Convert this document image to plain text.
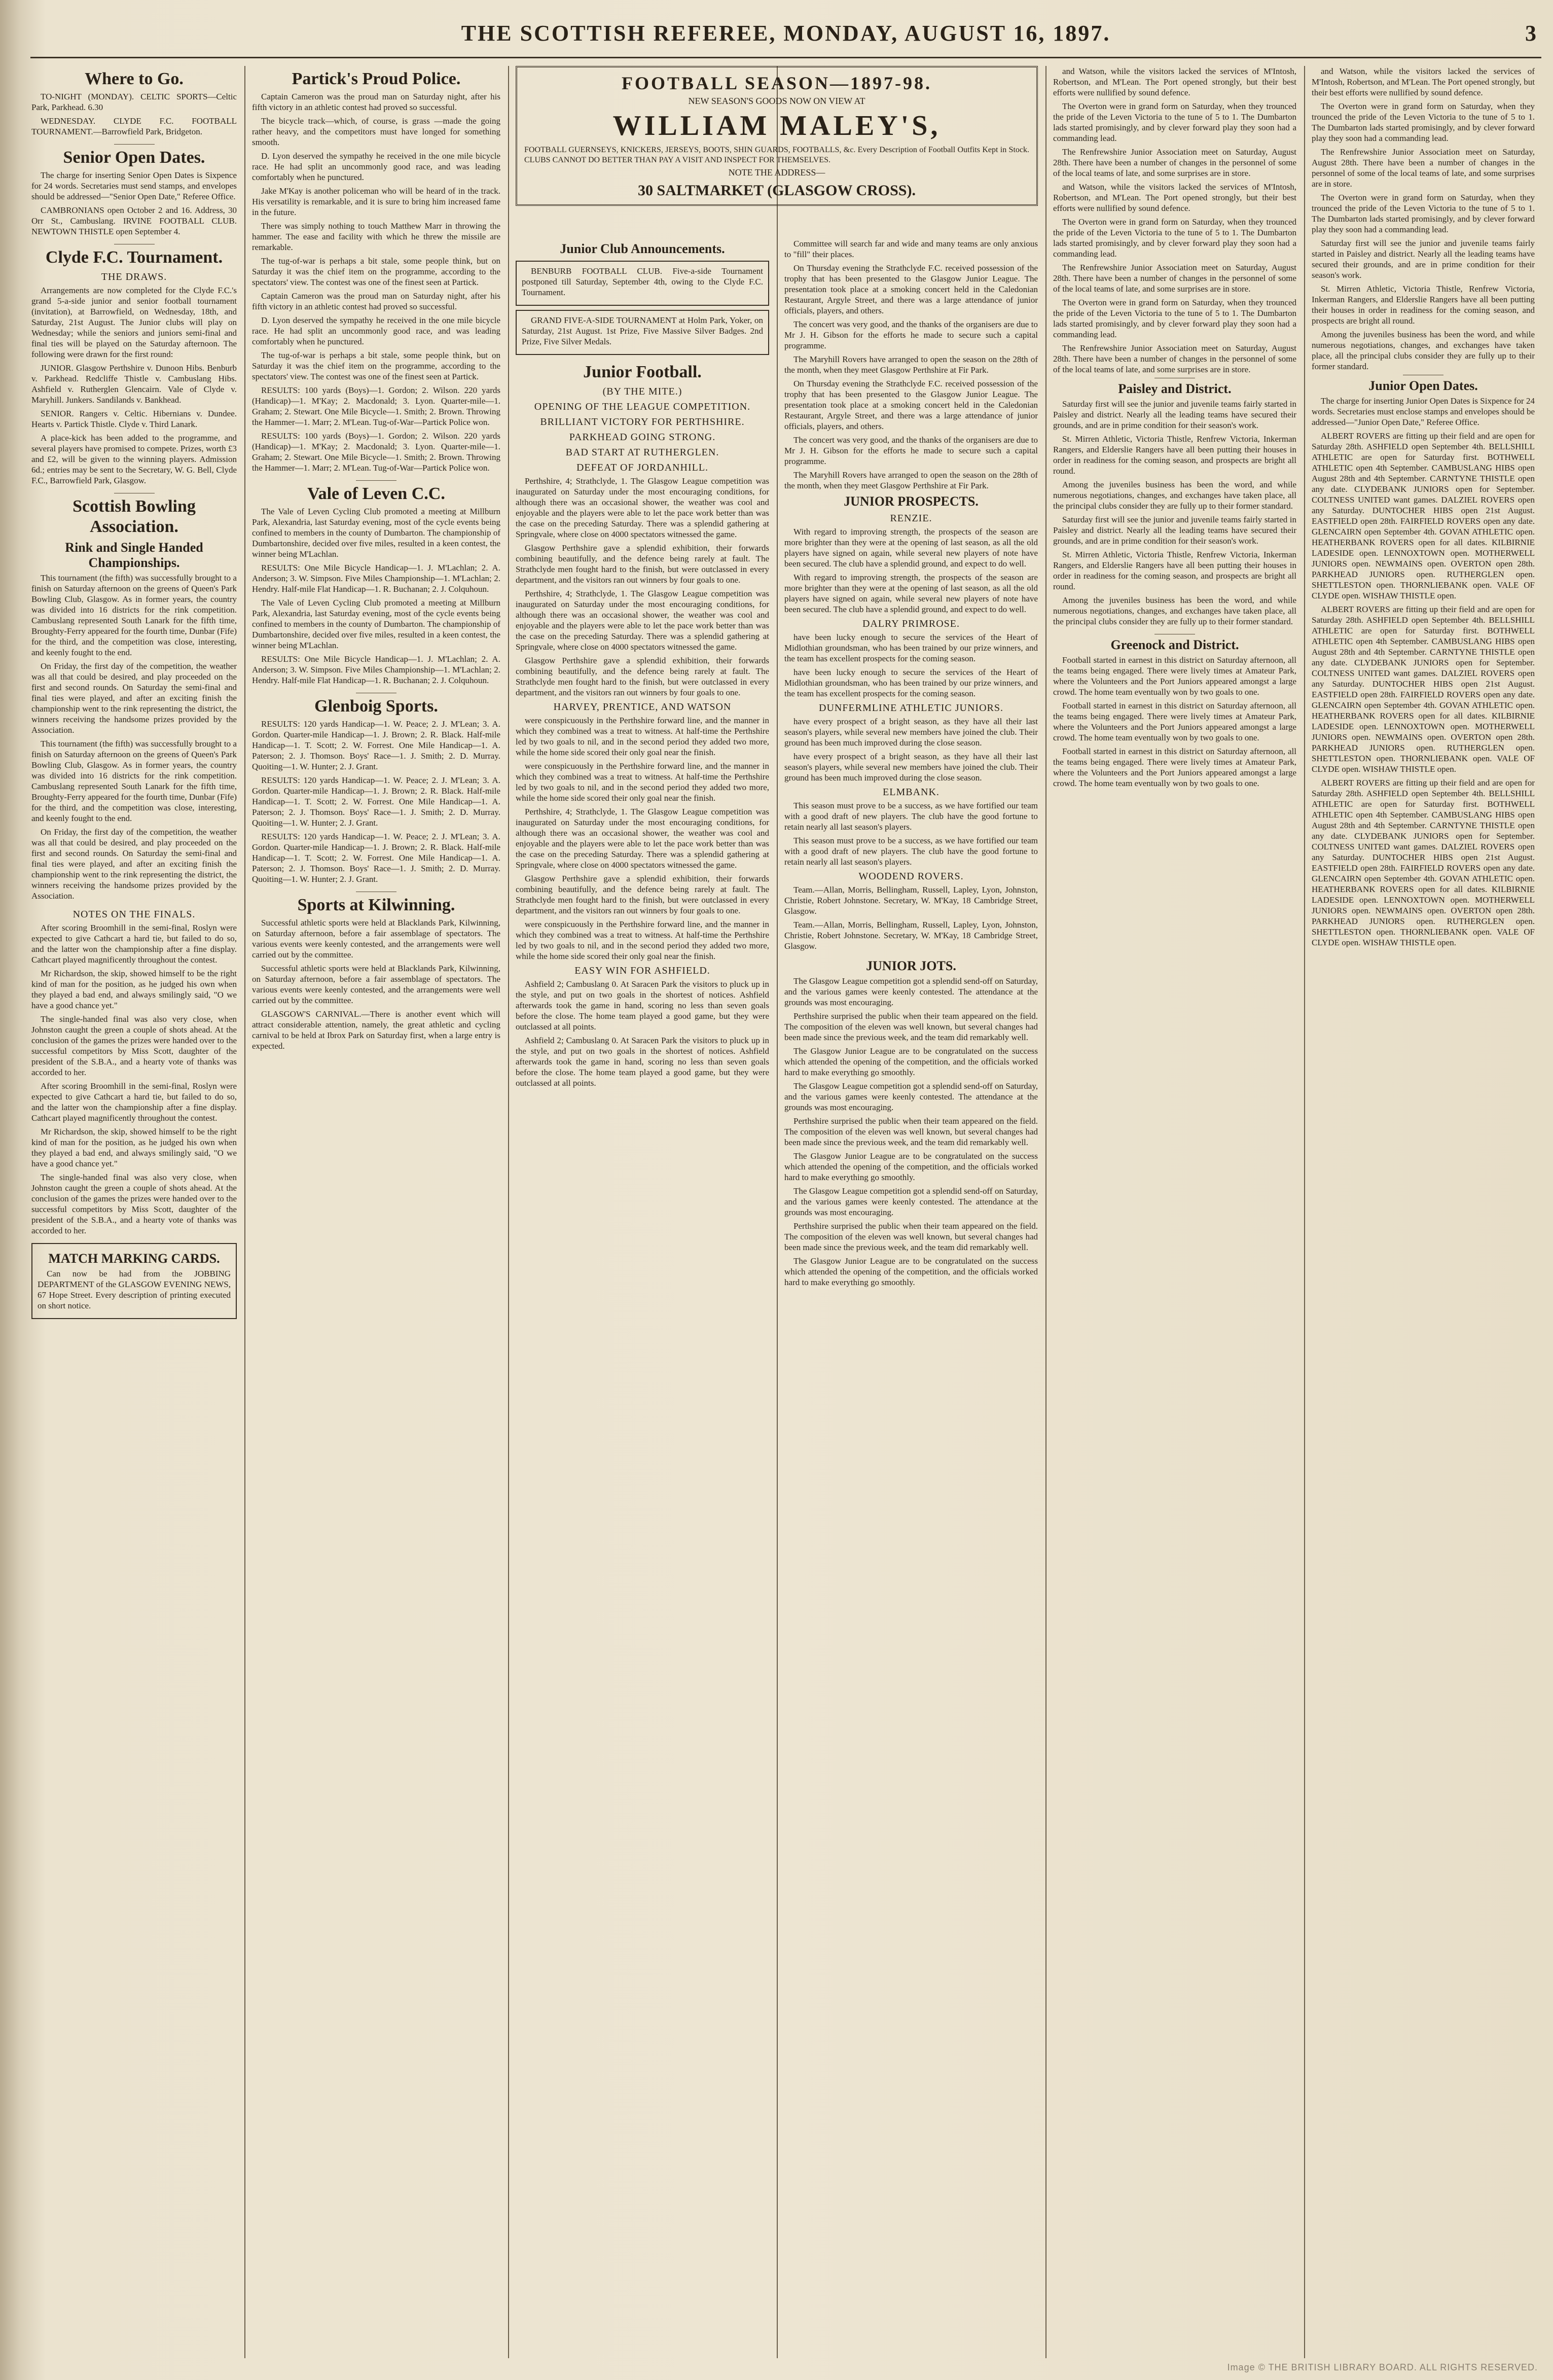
THE SCOTTISH REFEREE, MONDAY, AUGUST 16, 1897.	3
Where to Go.

TO-NIGHT (MONDAY). CELTIC SPORTS—Celtic Park, Parkhead. 6.30

WEDNESDAY. CLYDE F.C. FOOTBALL TOURNAMENT.—Barrowfield Park, Bridgeton.

Senior Open Dates.

The charge for inserting Senior Open Dates is Sixpence for 24 words. Secretaries must send stamps, and envelopes should be addressed—"Senior Open Date," Referee Office.

CAMBRONIANS open October 2 and 16. Address, 30 Orr St., Cambuslang. IRVINE FOOTBALL CLUB. NEWTOWN THISTLE open September 4.

Clyde F.C. Tournament.
THE DRAWS.

Arrangements are now completed for the Clyde F.C.'s grand 5-a-side junior and senior football tournament (invitation), at Barrowfield, on Wednesday, 18th, and Saturday, 21st August. The Junior clubs will play on Wednesday; while the seniors and juniors semi-final and final ties will be played on the Saturday afternoon. The following were drawn for the first round:

JUNIOR. Glasgow Perthshire v. Dunoon Hibs. Benburb v. Parkhead. Redcliffe Thistle v. Cambuslang Hibs. Ashfield v. Rutherglen Glencairn. Vale of Clyde v. Maryhill. Junkers. Sandilands v. Bankhead.

SENIOR. Rangers v. Celtic. Hibernians v. Dundee. Hearts v. Partick Thistle. Clyde v. Third Lanark.

A place-kick has been added to the programme, and several players have promised to compete. Prizes, worth £3 and £2, will be given to the winning players. Admission 6d.; entries may be sent to the Secretary, W. G. Bell, Clyde F.C., Barrowfield Park, Glasgow.

Scottish Bowling Association.
Rink and Single Handed Championships.

This tournament (the fifth) was successfully brought to a finish on Saturday afternoon on the greens of Queen's Park Bowling Club, Glasgow. As in former years, the country was divided into 16 districts for the rink competition. Cambuslang represented South Lanark for the fifth time, Broughty-Ferry appeared for the fourth time, Dunbar (Fife) for the third, and the competition was close, interesting, and keenly fought to the end.

On Friday, the first day of the competition, the weather was all that could be desired, and play proceeded on the first and second rounds. On Saturday the semi-final and final ties were played, and after an exciting finish the championship went to the rink representing the district, the winners receiving the handsome prizes provided by the Association.

This tournament (the fifth) was successfully brought to a finish on Saturday afternoon on the greens of Queen's Park Bowling Club, Glasgow. As in former years, the country was divided into 16 districts for the rink competition. Cambuslang represented South Lanark for the fifth time, Broughty-Ferry appeared for the fourth time, Dunbar (Fife) for the third, and the competition was close, interesting, and keenly fought to the end.

On Friday, the first day of the competition, the weather was all that could be desired, and play proceeded on the first and second rounds. On Saturday the semi-final and final ties were played, and after an exciting finish the championship went to the rink representing the district, the winners receiving the handsome prizes provided by the Association.

NOTES ON THE FINALS.

After scoring Broomhill in the semi-final, Roslyn were expected to give Cathcart a hard tie, but failed to do so, and the latter won the championship after a fine display. Cathcart played magnificently throughout the contest.

Mr Richardson, the skip, showed himself to be the right kind of man for the position, as he judged his own when they played a bad end, and always smilingly said, "O we have a good chance yet."

The single-handed final was also very close, when Johnston caught the green a couple of shots ahead. At the conclusion of the games the prizes were handed over to the successful competitors by Miss Scott, daughter of the president of the S.B.A., and a hearty vote of thanks was accorded to her.

After scoring Broomhill in the semi-final, Roslyn were expected to give Cathcart a hard tie, but failed to do so, and the latter won the championship after a fine display. Cathcart played magnificently throughout the contest.

Mr Richardson, the skip, showed himself to be the right kind of man for the position, as he judged his own when they played a bad end, and always smilingly said, "O we have a good chance yet."

The single-handed final was also very close, when Johnston caught the green a couple of shots ahead. At the conclusion of the games the prizes were handed over to the successful competitors by Miss Scott, daughter of the president of the S.B.A., and a hearty vote of thanks was accorded to her.

MATCH MARKING CARDS.

Can now be had from the JOBBING DEPARTMENT of the GLASGOW EVENING NEWS, 67 Hope Street. Every description of printing executed on short notice.

Partick's Proud Police.

Captain Cameron was the proud man on Saturday night, after his fifth victory in an athletic contest had proved so successful.

The bicycle track—which, of course, is grass —made the going rather heavy, and the competitors must have longed for something smooth.

D. Lyon deserved the sympathy he received in the one mile bicycle race. He had split an uncommonly good race, and was leading comfortably when he punctured.

Jake M'Kay is another policeman who will be heard of in the track. His versatility is remarkable, and it is sure to bring him increased fame in the future.

There was simply nothing to touch Matthew Marr in throwing the hammer. The ease and facility with which he threw the missile are remarkable.

The tug-of-war is perhaps a bit stale, some people think, but on Saturday it was the chief item on the programme, according to the spectators' view. The contest was one of the finest seen at Partick.

Captain Cameron was the proud man on Saturday night, after his fifth victory in an athletic contest had proved so successful.

D. Lyon deserved the sympathy he received in the one mile bicycle race. He had split an uncommonly good race, and was leading comfortably when he punctured.

The tug-of-war is perhaps a bit stale, some people think, but on Saturday it was the chief item on the programme, according to the spectators' view. The contest was one of the finest seen at Partick.

RESULTS: 100 yards (Boys)—1. Gordon; 2. Wilson. 220 yards (Handicap)—1. M'Kay; 2. Macdonald; 3. Lyon. Quarter-mile—1. Graham; 2. Stewart. One Mile Bicycle—1. Smith; 2. Brown. Throwing the Hammer—1. Marr; 2. M'Lean. Tug-of-War—Partick Police won.

RESULTS: 100 yards (Boys)—1. Gordon; 2. Wilson. 220 yards (Handicap)—1. M'Kay; 2. Macdonald; 3. Lyon. Quarter-mile—1. Graham; 2. Stewart. One Mile Bicycle—1. Smith; 2. Brown. Throwing the Hammer—1. Marr; 2. M'Lean. Tug-of-War—Partick Police won.

Vale of Leven C.C.

The Vale of Leven Cycling Club promoted a meeting at Millburn Park, Alexandria, last Saturday evening, most of the cycle events being confined to members in the county of Dumbarton. The championship of Dumbartonshire, decided over five miles, resulted in a keen contest, the winner being M'Lachlan.

RESULTS: One Mile Bicycle Handicap—1. J. M'Lachlan; 2. A. Anderson; 3. W. Simpson. Five Miles Championship—1. M'Lachlan; 2. Hendry. Half-mile Flat Handicap—1. R. Buchanan; 2. J. Colquhoun.

The Vale of Leven Cycling Club promoted a meeting at Millburn Park, Alexandria, last Saturday evening, most of the cycle events being confined to members in the county of Dumbarton. The championship of Dumbartonshire, decided over five miles, resulted in a keen contest, the winner being M'Lachlan.

RESULTS: One Mile Bicycle Handicap—1. J. M'Lachlan; 2. A. Anderson; 3. W. Simpson. Five Miles Championship—1. M'Lachlan; 2. Hendry. Half-mile Flat Handicap—1. R. Buchanan; 2. J. Colquhoun.

Glenboig Sports.

RESULTS: 120 yards Handicap—1. W. Peace; 2. J. M'Lean; 3. A. Gordon. Quarter-mile Handicap—1. J. Brown; 2. R. Black. Half-mile Handicap—1. T. Scott; 2. W. Forrest. One Mile Handicap—1. A. Paterson; 2. J. Thomson. Boys' Race—1. J. Smith; 2. D. Murray. Quoiting—1. W. Hunter; 2. J. Grant.

RESULTS: 120 yards Handicap—1. W. Peace; 2. J. M'Lean; 3. A. Gordon. Quarter-mile Handicap—1. J. Brown; 2. R. Black. Half-mile Handicap—1. T. Scott; 2. W. Forrest. One Mile Handicap—1. A. Paterson; 2. J. Thomson. Boys' Race—1. J. Smith; 2. D. Murray. Quoiting—1. W. Hunter; 2. J. Grant.

RESULTS: 120 yards Handicap—1. W. Peace; 2. J. M'Lean; 3. A. Gordon. Quarter-mile Handicap—1. J. Brown; 2. R. Black. Half-mile Handicap—1. T. Scott; 2. W. Forrest. One Mile Handicap—1. A. Paterson; 2. J. Thomson. Boys' Race—1. J. Smith; 2. D. Murray. Quoiting—1. W. Hunter; 2. J. Grant.

Sports at Kilwinning.

Successful athletic sports were held at Blacklands Park, Kilwinning, on Saturday afternoon, before a fair assemblage of spectators. The various events were keenly contested, and the arrangements were well carried out by the committee.

Successful athletic sports were held at Blacklands Park, Kilwinning, on Saturday afternoon, before a fair assemblage of spectators. The various events were keenly contested, and the arrangements were well carried out by the committee.

GLASGOW'S CARNIVAL.—There is another event which will attract considerable attention, namely, the great athletic and cycling carnival to be held at Ibrox Park on Saturday first, when a large entry is expected.

FOOTBALL SEASON—1897-98.
NEW SEASON'S GOODS NOW ON VIEW AT
WILLIAM MALEY'S,
FOOTBALL GUERNSEYS, KNICKERS, JERSEYS, BOOTS, SHIN GUARDS, FOOTBALLS, &c. Every Description of Football Outfits Kept in Stock. CLUBS CANNOT DO BETTER THAN PAY A VISIT AND INSPECT FOR THEMSELVES.
NOTE THE ADDRESS—
30 SALTMARKET (GLASGOW CROSS).
Junior Club Announcements.

BENBURB FOOTBALL CLUB. Five-a-side Tournament postponed till Saturday, September 4th, owing to the Clyde F.C. Tournament.

GRAND FIVE-A-SIDE TOURNAMENT at Holm Park, Yoker, on Saturday, 21st August. 1st Prize, Five Massive Silver Badges. 2nd Prize, Five Silver Medals.

Junior Football.
(BY THE MITE.)
OPENING OF THE LEAGUE COMPETITION.
BRILLIANT VICTORY FOR PERTHSHIRE.
PARKHEAD GOING STRONG.
BAD START AT RUTHERGLEN.
DEFEAT OF JORDANHILL.

Perthshire, 4; Strathclyde, 1. The Glasgow League competition was inaugurated on Saturday under the most encouraging conditions, for although there was an occasional shower, the weather was cool and enjoyable and the players were able to let the pace work better than was the case on the preceding Saturday. There was a splendid gathering at Springvale, where close on 4000 spectators witnessed the game.

Glasgow Perthshire gave a splendid exhibition, their forwards combining beautifully, and the defence being rarely at fault. The Strathclyde men fought hard to the finish, but were outclassed in every department, and the visitors ran out winners by four goals to one.

Perthshire, 4; Strathclyde, 1. The Glasgow League competition was inaugurated on Saturday under the most encouraging conditions, for although there was an occasional shower, the weather was cool and enjoyable and the players were able to let the pace work better than was the case on the preceding Saturday. There was a splendid gathering at Springvale, where close on 4000 spectators witnessed the game.

Glasgow Perthshire gave a splendid exhibition, their forwards combining beautifully, and the defence being rarely at fault. The Strathclyde men fought hard to the finish, but were outclassed in every department, and the visitors ran out winners by four goals to one.

HARVEY, PRENTICE, AND WATSON

were conspicuously in the Perthshire forward line, and the manner in which they combined was a treat to witness. At half-time the Perthshire led by two goals to nil, and in the second period they added two more, while the home side scored their only goal near the finish.

were conspicuously in the Perthshire forward line, and the manner in which they combined was a treat to witness. At half-time the Perthshire led by two goals to nil, and in the second period they added two more, while the home side scored their only goal near the finish.

Perthshire, 4; Strathclyde, 1. The Glasgow League competition was inaugurated on Saturday under the most encouraging conditions, for although there was an occasional shower, the weather was cool and enjoyable and the players were able to let the pace work better than was the case on the preceding Saturday. There was a splendid gathering at Springvale, where close on 4000 spectators witnessed the game.

Glasgow Perthshire gave a splendid exhibition, their forwards combining beautifully, and the defence being rarely at fault. The Strathclyde men fought hard to the finish, but were outclassed in every department, and the visitors ran out winners by four goals to one.

were conspicuously in the Perthshire forward line, and the manner in which they combined was a treat to witness. At half-time the Perthshire led by two goals to nil, and in the second period they added two more, while the home side scored their only goal near the finish.

EASY WIN FOR ASHFIELD.

Ashfield 2; Cambuslang 0. At Saracen Park the visitors to pluck up in the style, and put on two goals in the shortest of notices. Ashfield afterwards took the game in hand, scoring no less than seven goals before the close. The home team played a good game, but they were outclassed at all points.

Ashfield 2; Cambuslang 0. At Saracen Park the visitors to pluck up in the style, and put on two goals in the shortest of notices. Ashfield afterwards took the game in hand, scoring no less than seven goals before the close. The home team played a good game, but they were outclassed at all points.

Committee will search far and wide and many teams are only anxious to "fill" their places.

On Thursday evening the Strathclyde F.C. received possession of the trophy that has been presented to the Glasgow Junior League. The presentation took place at a smoking concert held in the Caledonian Restaurant, Argyle Street, and there was a large attendance of junior officials, players, and others.

The concert was very good, and the thanks of the organisers are due to Mr J. H. Gibson for the efforts he made to secure such a capital programme.

The Maryhill Rovers have arranged to open the season on the 28th of the month, when they meet Glasgow Perthshire at Fir Park.

On Thursday evening the Strathclyde F.C. received possession of the trophy that has been presented to the Glasgow Junior League. The presentation took place at a smoking concert held in the Caledonian Restaurant, Argyle Street, and there was a large attendance of junior officials, players, and others.

The concert was very good, and the thanks of the organisers are due to Mr J. H. Gibson for the efforts he made to secure such a capital programme.

The Maryhill Rovers have arranged to open the season on the 28th of the month, when they meet Glasgow Perthshire at Fir Park.

JUNIOR PROSPECTS.
RENZIE.

With regard to improving strength, the prospects of the season are more brighter than they were at the opening of last season, as all the old players have signed on again, while several new players of note have been secured. The club have a splendid ground, and expect to do well.

With regard to improving strength, the prospects of the season are more brighter than they were at the opening of last season, as all the old players have signed on again, while several new players of note have been secured. The club have a splendid ground, and expect to do well.

DALRY PRIMROSE.

have been lucky enough to secure the services of the Heart of Midlothian groundsman, who has been trained by our prize winners, and the team has excellent prospects for the coming season.

have been lucky enough to secure the services of the Heart of Midlothian groundsman, who has been trained by our prize winners, and the team has excellent prospects for the coming season.

DUNFERMLINE ATHLETIC JUNIORS.

have every prospect of a bright season, as they have all their last season's players, while several new members have joined the club. Their ground has been much improved during the close season.

have every prospect of a bright season, as they have all their last season's players, while several new members have joined the club. Their ground has been much improved during the close season.

ELMBANK.

This season must prove to be a success, as we have fortified our team with a good draft of new players. The club have the good fortune to retain nearly all last season's players.

This season must prove to be a success, as we have fortified our team with a good draft of new players. The club have the good fortune to retain nearly all last season's players.

WOODEND ROVERS.

Team.—Allan, Morris, Bellingham, Russell, Lapley, Lyon, Johnston, Christie, Robert Johnstone. Secretary, W. M'Kay, 18 Cambridge Street, Glasgow.

Team.—Allan, Morris, Bellingham, Russell, Lapley, Lyon, Johnston, Christie, Robert Johnstone. Secretary, W. M'Kay, 18 Cambridge Street, Glasgow.

JUNIOR JOTS.

The Glasgow League competition got a splendid send-off on Saturday, and the various games were keenly contested. The attendance at the grounds was most encouraging.

Perthshire surprised the public when their team appeared on the field. The composition of the eleven was well known, but several changes had been made since the previous week, and the team did remarkably well.

The Glasgow Junior League are to be congratulated on the success which attended the opening of the competition, and the officials worked hard to make everything go smoothly.

The Glasgow League competition got a splendid send-off on Saturday, and the various games were keenly contested. The attendance at the grounds was most encouraging.

Perthshire surprised the public when their team appeared on the field. The composition of the eleven was well known, but several changes had been made since the previous week, and the team did remarkably well.

The Glasgow Junior League are to be congratulated on the success which attended the opening of the competition, and the officials worked hard to make everything go smoothly.

The Glasgow League competition got a splendid send-off on Saturday, and the various games were keenly contested. The attendance at the grounds was most encouraging.

Perthshire surprised the public when their team appeared on the field. The composition of the eleven was well known, but several changes had been made since the previous week, and the team did remarkably well.

The Glasgow Junior League are to be congratulated on the success which attended the opening of the competition, and the officials worked hard to make everything go smoothly.

and Watson, while the visitors lacked the services of M'Intosh, Robertson, and M'Lean. The Port opened strongly, but their best efforts were nullified by sound defence.

The Overton were in grand form on Saturday, when they trounced the pride of the Leven Victoria to the tune of 5 to 1. The Dumbarton lads started promisingly, and by clever forward play they soon had a commanding lead.

The Renfrewshire Junior Association meet on Saturday, August 28th. There have been a number of changes in the personnel of some of the local teams of late, and some surprises are in store.

and Watson, while the visitors lacked the services of M'Intosh, Robertson, and M'Lean. The Port opened strongly, but their best efforts were nullified by sound defence.

The Overton were in grand form on Saturday, when they trounced the pride of the Leven Victoria to the tune of 5 to 1. The Dumbarton lads started promisingly, and by clever forward play they soon had a commanding lead.

The Renfrewshire Junior Association meet on Saturday, August 28th. There have been a number of changes in the personnel of some of the local teams of late, and some surprises are in store.

The Overton were in grand form on Saturday, when they trounced the pride of the Leven Victoria to the tune of 5 to 1. The Dumbarton lads started promisingly, and by clever forward play they soon had a commanding lead.

The Renfrewshire Junior Association meet on Saturday, August 28th. There have been a number of changes in the personnel of some of the local teams of late, and some surprises are in store.

Paisley and District.

Saturday first will see the junior and juvenile teams fairly started in Paisley and district. Nearly all the leading teams have secured their grounds, and are in prime condition for their season's work.

St. Mirren Athletic, Victoria Thistle, Renfrew Victoria, Inkerman Rangers, and Elderslie Rangers have all been putting their houses in order in readiness for the coming season, and prospects are bright all round.

Among the juveniles business has been the word, and while numerous negotiations, changes, and exchanges have taken place, all the principal clubs consider they are fully up to their former standard.

Saturday first will see the junior and juvenile teams fairly started in Paisley and district. Nearly all the leading teams have secured their grounds, and are in prime condition for their season's work.

St. Mirren Athletic, Victoria Thistle, Renfrew Victoria, Inkerman Rangers, and Elderslie Rangers have all been putting their houses in order in readiness for the coming season, and prospects are bright all round.

Among the juveniles business has been the word, and while numerous negotiations, changes, and exchanges have taken place, all the principal clubs consider they are fully up to their former standard.

Greenock and District.

Football started in earnest in this district on Saturday afternoon, all the teams being engaged. There were lively times at Amateur Park, where the Volunteers and the Port Juniors appeared amongst a large crowd. The home team eventually won by two goals to one.

Football started in earnest in this district on Saturday afternoon, all the teams being engaged. There were lively times at Amateur Park, where the Volunteers and the Port Juniors appeared amongst a large crowd. The home team eventually won by two goals to one.

Football started in earnest in this district on Saturday afternoon, all the teams being engaged. There were lively times at Amateur Park, where the Volunteers and the Port Juniors appeared amongst a large crowd. The home team eventually won by two goals to one.

and Watson, while the visitors lacked the services of M'Intosh, Robertson, and M'Lean. The Port opened strongly, but their best efforts were nullified by sound defence.

The Overton were in grand form on Saturday, when they trounced the pride of the Leven Victoria to the tune of 5 to 1. The Dumbarton lads started promisingly, and by clever forward play they soon had a commanding lead.

The Renfrewshire Junior Association meet on Saturday, August 28th. There have been a number of changes in the personnel of some of the local teams of late, and some surprises are in store.

The Overton were in grand form on Saturday, when they trounced the pride of the Leven Victoria to the tune of 5 to 1. The Dumbarton lads started promisingly, and by clever forward play they soon had a commanding lead.

Saturday first will see the junior and juvenile teams fairly started in Paisley and district. Nearly all the leading teams have secured their grounds, and are in prime condition for their season's work.

St. Mirren Athletic, Victoria Thistle, Renfrew Victoria, Inkerman Rangers, and Elderslie Rangers have all been putting their houses in order in readiness for the coming season, and prospects are bright all round.

Among the juveniles business has been the word, and while numerous negotiations, changes, and exchanges have taken place, all the principal clubs consider they are fully up to their former standard.

Junior Open Dates.

The charge for inserting Junior Open Dates is Sixpence for 24 words. Secretaries must enclose stamps and envelopes should be addressed—"Junior Open Date," Referee Office.

ALBERT ROVERS are fitting up their field and are open for Saturday 28th. ASHFIELD open September 4th. BELLSHILL ATHLETIC are open for Saturday first. BOTHWELL ATHLETIC open 4th September. CAMBUSLANG HIBS open August 28th and 4th September. CARNTYNE THISTLE open any date. CLYDEBANK JUNIORS open for September. COLTNESS UNITED want games. DALZIEL ROVERS open any Saturday. DUNTOCHER HIBS open 21st August. EASTFIELD open 28th. FAIRFIELD ROVERS open any date. GLENCAIRN open September 4th. GOVAN ATHLETIC open. HEATHERBANK ROVERS open for all dates. KILBIRNIE LADESIDE open. LENNOXTOWN open. MOTHERWELL JUNIORS open. NEWMAINS open. OVERTON open 28th. PARKHEAD JUNIORS open. RUTHERGLEN open. SHETTLESTON open. THORNLIEBANK open. VALE OF CLYDE open. WISHAW THISTLE open.

ALBERT ROVERS are fitting up their field and are open for Saturday 28th. ASHFIELD open September 4th. BELLSHILL ATHLETIC are open for Saturday first. BOTHWELL ATHLETIC open 4th September. CAMBUSLANG HIBS open August 28th and 4th September. CARNTYNE THISTLE open any date. CLYDEBANK JUNIORS open for September. COLTNESS UNITED want games. DALZIEL ROVERS open any Saturday. DUNTOCHER HIBS open 21st August. EASTFIELD open 28th. FAIRFIELD ROVERS open any date. GLENCAIRN open September 4th. GOVAN ATHLETIC open. HEATHERBANK ROVERS open for all dates. KILBIRNIE LADESIDE open. LENNOXTOWN open. MOTHERWELL JUNIORS open. NEWMAINS open. OVERTON open 28th. PARKHEAD JUNIORS open. RUTHERGLEN open. SHETTLESTON open. THORNLIEBANK open. VALE OF CLYDE open. WISHAW THISTLE open.

ALBERT ROVERS are fitting up their field and are open for Saturday 28th. ASHFIELD open September 4th. BELLSHILL ATHLETIC are open for Saturday first. BOTHWELL ATHLETIC open 4th September. CAMBUSLANG HIBS open August 28th and 4th September. CARNTYNE THISTLE open any date. CLYDEBANK JUNIORS open for September. COLTNESS UNITED want games. DALZIEL ROVERS open any Saturday. DUNTOCHER HIBS open 21st August. EASTFIELD open 28th. FAIRFIELD ROVERS open any date. GLENCAIRN open September 4th. GOVAN ATHLETIC open. HEATHERBANK ROVERS open for all dates. KILBIRNIE LADESIDE open. LENNOXTOWN open. MOTHERWELL JUNIORS open. NEWMAINS open. OVERTON open 28th. PARKHEAD JUNIORS open. RUTHERGLEN open. SHETTLESTON open. THORNLIEBANK open. VALE OF CLYDE open. WISHAW THISTLE open.

Image © THE BRITISH LIBRARY BOARD. ALL RIGHTS RESERVED.
